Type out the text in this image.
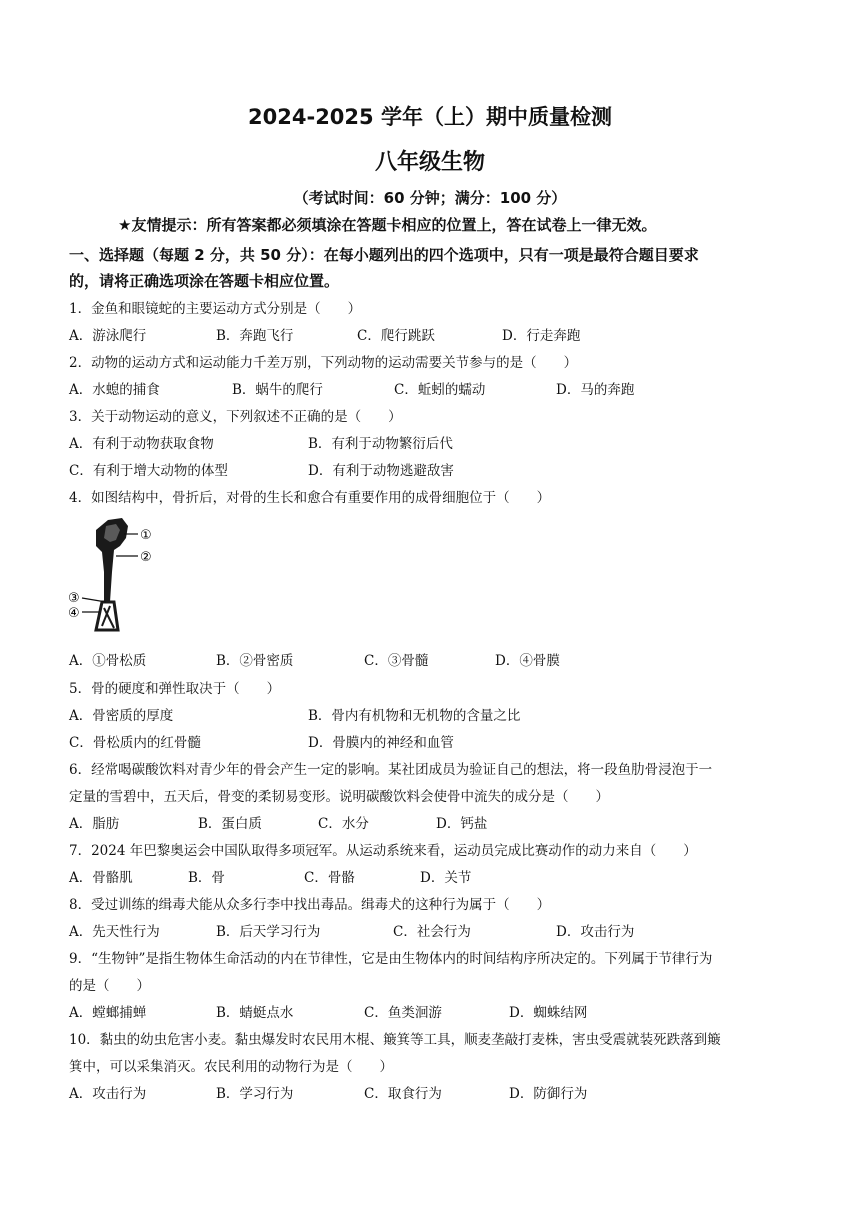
2024-2025 学年（上）期中质量检测
八年级生物
（考试时间：60 分钟；满分：100 分）
★友情提示：所有答案都必须填涂在答题卡相应的位置上，答在试卷上一律无效。
一、选择题（每题 2 分，共 50 分）：在每小题列出的四个选项中，只有一项是最符合题目要求
的，请将正确选项涂在答题卡相应位置。
1．金鱼和眼镜蛇的主要运动方式分别是（　　）
A．游泳爬行	B．奔跑飞行	C．爬行跳跃	D．行走奔跑
2．动物的运动方式和运动能力千差万别，下列动物的运动需要关节参与的是（　　）
A．水螅的捕食	B．蜗牛的爬行	C．蚯蚓的蠕动	D．马的奔跑
3．关于动物运动的意义，下列叙述不正确的是（　　）
A．有利于动物获取食物	B．有利于动物繁衍后代
C．有利于增大动物的体型	D．有利于动物逃避敌害
4．如图结构中，骨折后，对骨的生长和愈合有重要作用的成骨细胞位于（　　）
①
②
③
④
A．①骨松质	B．②骨密质	C．③骨髓	D．④骨膜
5．骨的硬度和弹性取决于（　　）
A．骨密质的厚度	B．骨内有机物和无机物的含量之比
C．骨松质内的红骨髓	D．骨膜内的神经和血管
6．经常喝碳酸饮料对青少年的骨会产生一定的影响。某社团成员为验证自己的想法，将一段鱼肋骨浸泡于一
定量的雪碧中，五天后，骨变的柔韧易变形。说明碳酸饮料会使骨中流失的成分是（　　）
A．脂肪	B．蛋白质	C．水分	D．钙盐
7．2024 年巴黎奥运会中国队取得多项冠军。从运动系统来看，运动员完成比赛动作的动力来自（　　）
A．骨骼肌	B．骨	C．骨骼	D．关节
8．受过训练的缉毒犬能从众多行李中找出毒品。缉毒犬的这种行为属于（　　）
A．先天性行为	B．后天学习行为	C．社会行为	D．攻击行为
9．“生物钟”是指生物体生命活动的内在节律性，它是由生物体内的时间结构序所决定的。下列属于节律行为
的是（　　）
A．螳螂捕蝉	B．蜻蜓点水	C．鱼类洄游	D．蜘蛛结网
10．黏虫的幼虫危害小麦。黏虫爆发时农民用木棍、簸箕等工具，顺麦垄敲打麦株，害虫受震就装死跌落到簸
箕中，可以采集消灭。农民利用的动物行为是（　　）
A．攻击行为	B．学习行为	C．取食行为	D．防御行为
